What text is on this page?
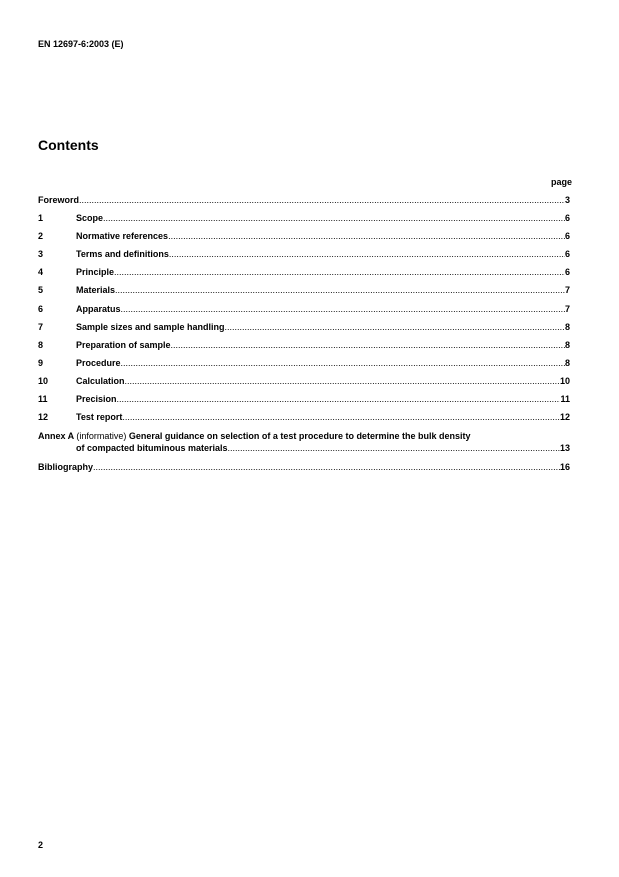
EN 12697-6:2003 (E)
Contents
page
Foreword .....	3
1	Scope .....	6
2	Normative references .....	6
3	Terms and definitions .....	6
4	Principle .....	6
5	Materials .....	7
6	Apparatus .....	7
7	Sample sizes and sample handling .....	8
8	Preparation of sample .....	8
9	Procedure .....	8
10	Calculation .....	10
11	Precision .....	11
12	Test report .....	12
Annex A (informative) General guidance on selection of a test procedure to determine the bulk density
of compacted bituminous materials .....	13
Bibliography .....	16
2
